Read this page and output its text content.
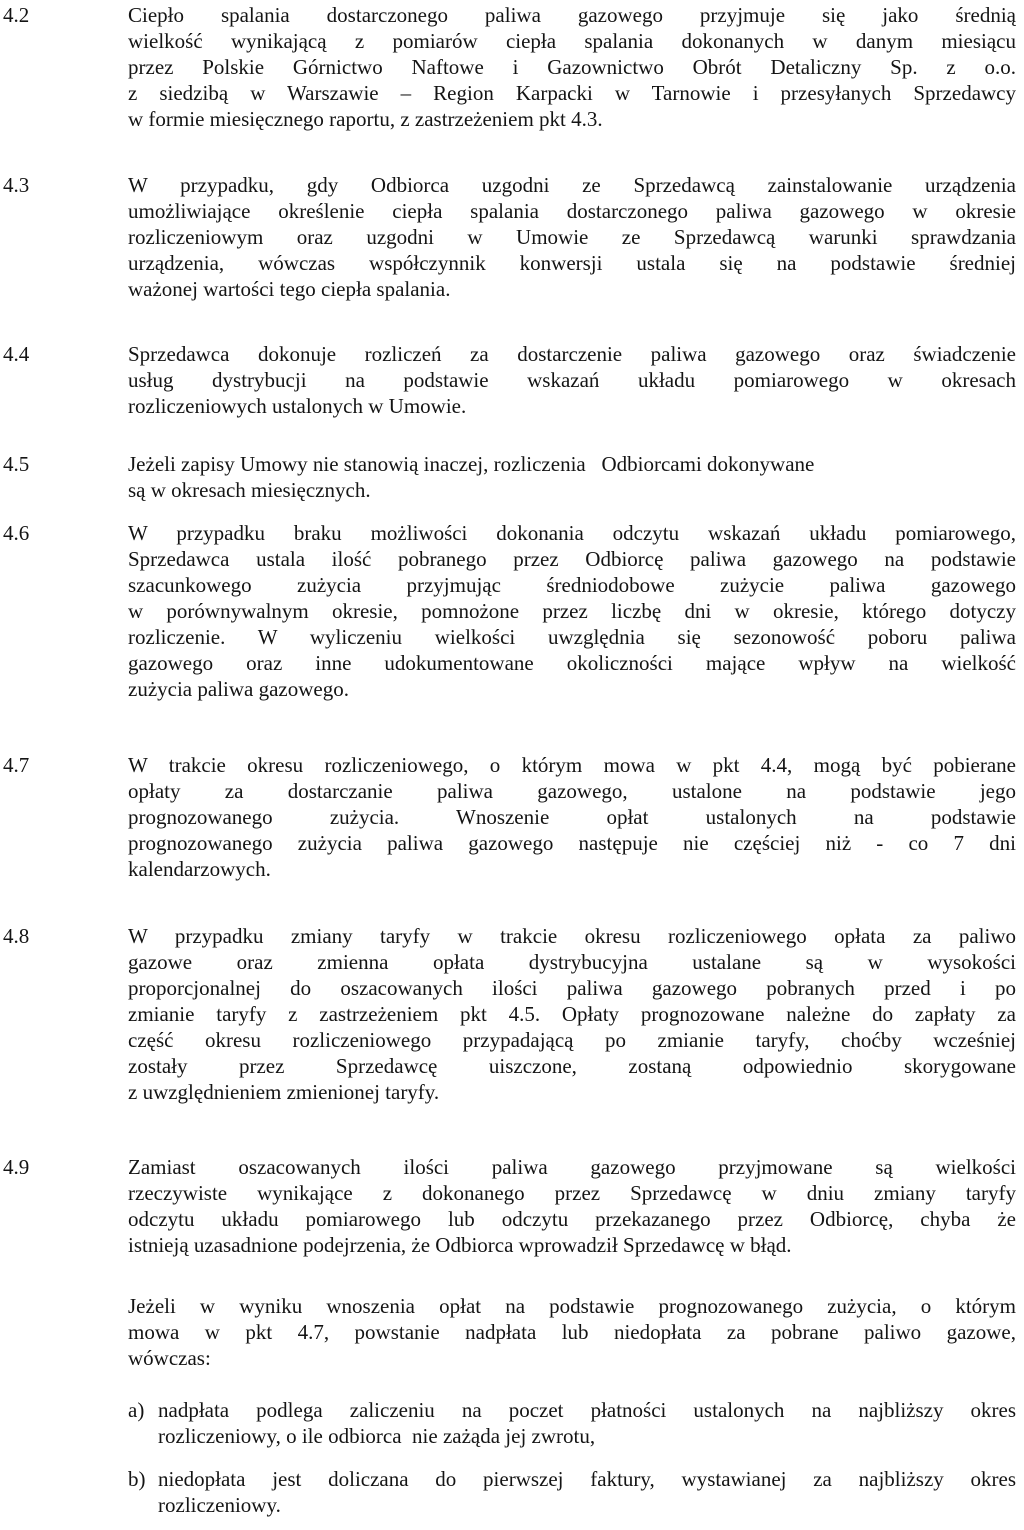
4.2	Ciepło spalania dostarczonego paliwa gazowego przyjmuje się jako średnią
wielkość wynikającą z pomiarów ciepła spalania dokonanych w danym miesiącu
przez Polskie Górnictwo Naftowe i Gazownictwo Obrót Detaliczny Sp. z o.o.
z siedzibą w Warszawie – Region Karpacki w Tarnowie i przesyłanych Sprzedawcy
w formie miesięcznego raportu, z zastrzeżeniem pkt 4.3.
4.3	W przypadku, gdy Odbiorca uzgodni ze Sprzedawcą zainstalowanie urządzenia
umożliwiające określenie ciepła spalania dostarczonego paliwa gazowego w okresie
rozliczeniowym oraz uzgodni w Umowie ze Sprzedawcą warunki sprawdzania
urządzenia, wówczas współczynnik konwersji ustala się na podstawie średniej
ważonej wartości tego ciepła spalania.
4.4	Sprzedawca dokonuje rozliczeń za dostarczenie paliwa gazowego oraz świadczenie
usług dystrybucji na podstawie wskazań układu pomiarowego w okresach
rozliczeniowych ustalonych w Umowie.
4.5	Jeżeli zapisy Umowy nie stanowią inaczej, rozliczenia   Odbiorcami dokonywane
są w okresach miesięcznych.
4.6	W przypadku braku możliwości dokonania odczytu wskazań układu pomiarowego,
Sprzedawca ustala ilość pobranego przez Odbiorcę paliwa gazowego na podstawie
szacunkowego zużycia przyjmując średniodobowe zużycie paliwa gazowego
w porównywalnym okresie, pomnożone przez liczbę dni w okresie, którego dotyczy
rozliczenie. W wyliczeniu wielkości uwzględnia się sezonowość poboru paliwa
gazowego oraz inne udokumentowane okoliczności mające wpływ na wielkość
zużycia paliwa gazowego.
4.7	W trakcie okresu rozliczeniowego, o którym mowa w pkt 4.4, mogą być pobierane
opłaty za dostarczanie paliwa gazowego, ustalone na podstawie jego
prognozowanego zużycia. Wnoszenie opłat ustalonych na podstawie
prognozowanego zużycia paliwa gazowego następuje nie częściej niż - co 7 dni
kalendarzowych.
4.8	W przypadku zmiany taryfy w trakcie okresu rozliczeniowego opłata za paliwo
gazowe oraz zmienna opłata dystrybucyjna ustalane są w wysokości
proporcjonalnej do oszacowanych ilości paliwa gazowego pobranych przed i po
zmianie taryfy z zastrzeżeniem pkt 4.5. Opłaty prognozowane należne do zapłaty za
część okresu rozliczeniowego przypadającą po zmianie taryfy, choćby wcześniej
zostały przez Sprzedawcę uiszczone, zostaną odpowiednio skorygowane
z uwzględnieniem zmienionej taryfy.
4.9	Zamiast oszacowanych ilości paliwa gazowego przyjmowane są wielkości
rzeczywiste wynikające z dokonanego przez Sprzedawcę w dniu zmiany taryfy
odczytu układu pomiarowego lub odczytu przekazanego przez Odbiorcę, chyba że
istnieją uzasadnione podejrzenia, że Odbiorca wprowadził Sprzedawcę w błąd.
Jeżeli w wyniku wnoszenia opłat na podstawie prognozowanego zużycia, o którym
mowa w pkt 4.7, powstanie nadpłata lub niedopłata za pobrane paliwo gazowe,
wówczas:
a) nadpłata podlega zaliczeniu na poczet płatności ustalonych na najbliższy okres
rozliczeniowy, o ile odbiorca  nie zażąda jej zwrotu,
b) niedopłata jest doliczana do pierwszej faktury, wystawianej za najbliższy okres
rozliczeniowy.
